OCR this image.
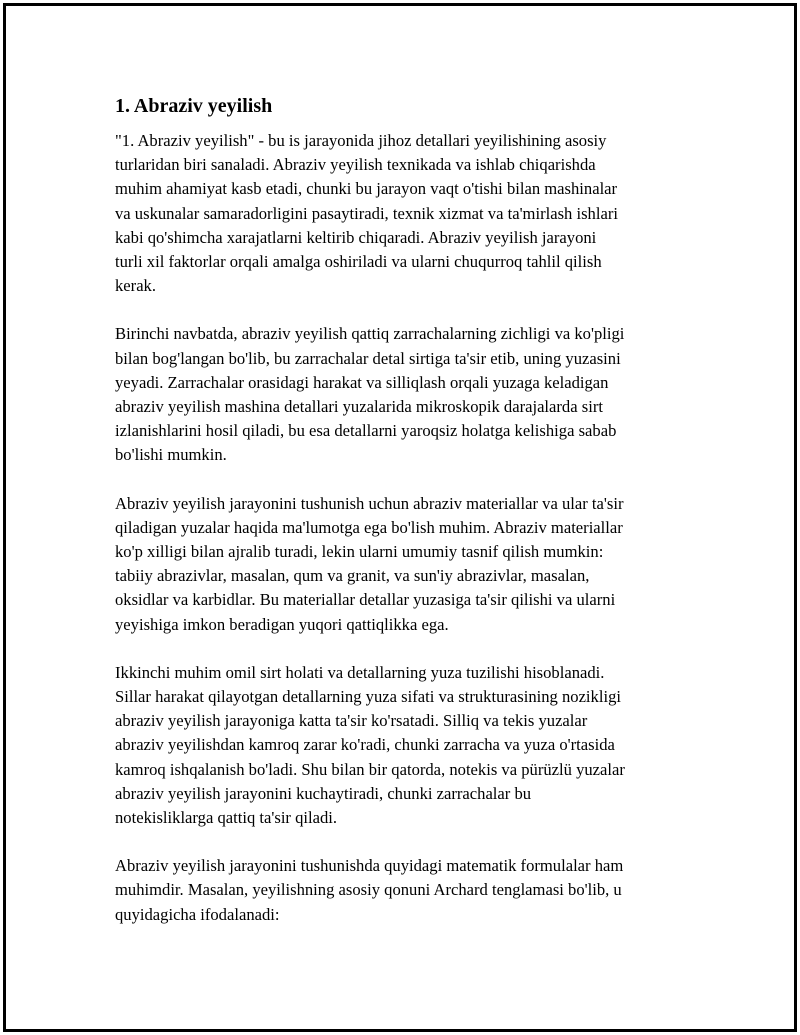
1. Abraziv yeyilish

"1. Abraziv yeyilish" - bu is jarayonida jihoz detallari yeyilishining asosiy
turlaridan biri sanaladi. Abraziv yeyilish texnikada va ishlab chiqarishda
muhim ahamiyat kasb etadi, chunki bu jarayon vaqt o'tishi bilan mashinalar
va uskunalar samaradorligini pasaytiradi, texnik xizmat va ta'mirlash ishlari
kabi qo'shimcha xarajatlarni keltirib chiqaradi. Abraziv yeyilish jarayoni
turli xil faktorlar orqali amalga oshiriladi va ularni chuqurroq tahlil qilish
kerak.

Birinchi navbatda, abraziv yeyilish qattiq zarrachalarning zichligi va ko'pligi
bilan bog'langan bo'lib, bu zarrachalar detal sirtiga ta'sir etib, uning yuzasini
yeyadi. Zarrachalar orasidagi harakat va silliqlash orqali yuzaga keladigan
abraziv yeyilish mashina detallari yuzalarida mikroskopik darajalarda sirt
izlanishlarini hosil qiladi, bu esa detallarni yaroqsiz holatga kelishiga sabab
bo'lishi mumkin.

Abraziv yeyilish jarayonini tushunish uchun abraziv materiallar va ular ta'sir
qiladigan yuzalar haqida ma'lumotga ega bo'lish muhim. Abraziv materiallar
ko'p xilligi bilan ajralib turadi, lekin ularni umumiy tasnif qilish mumkin:
tabiiy abrazivlar, masalan, qum va granit, va sun'iy abrazivlar, masalan,
oksidlar va karbidlar. Bu materiallar detallar yuzasiga ta'sir qilishi va ularni
yeyishiga imkon beradigan yuqori qattiqlikka ega.

Ikkinchi muhim omil sirt holati va detallarning yuza tuzilishi hisoblanadi.
Sillar harakat qilayotgan detallarning yuza sifati va strukturasining nozikligi
abraziv yeyilish jarayoniga katta ta'sir ko'rsatadi. Silliq va tekis yuzalar
abraziv yeyilishdan kamroq zarar ko'radi, chunki zarracha va yuza o'rtasida
kamroq ishqalanish bo'ladi. Shu bilan bir qatorda, notekis va pürüzlü yuzalar
abraziv yeyilish jarayonini kuchaytiradi, chunki zarrachalar bu
notekisliklarga qattiq ta'sir qiladi.

Abraziv yeyilish jarayonini tushunishda quyidagi matematik formulalar ham
muhimdir. Masalan, yeyilishning asosiy qonuni Archard tenglamasi bo'lib, u
quyidagicha ifodalanadi:
